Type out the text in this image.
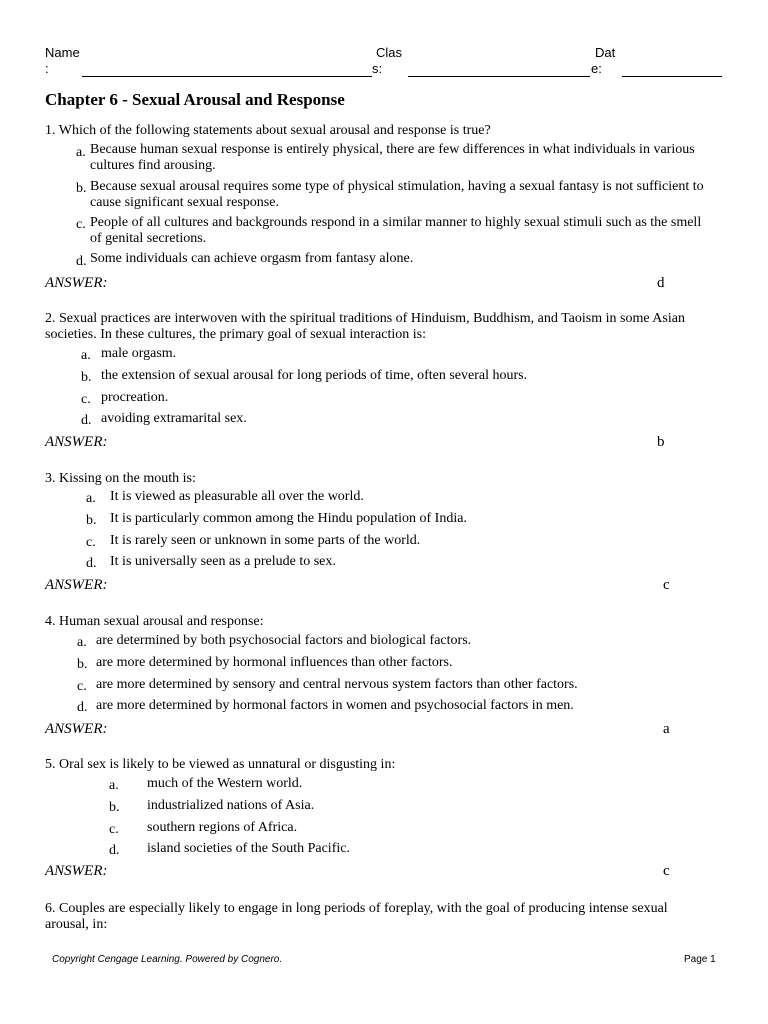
Name
:
Clas
s:
Dat
e:
Chapter 6 - Sexual Arousal and Response
1. Which of the following statements about sexual arousal and response is true?
a. Because human sexual response is entirely physical, there are few differences in what individuals in various cultures find arousing.
b. Because sexual arousal requires some type of physical stimulation, having a sexual fantasy is not sufficient to cause significant sexual response.
c. People of all cultures and backgrounds respond in a similar manner to highly sexual stimuli such as the smell of genital secretions.
d. Some individuals can achieve orgasm from fantasy alone.
ANSWER:	d
2. Sexual practices are interwoven with the spiritual traditions of Hinduism, Buddhism, and Taoism in some Asian societies. In these cultures, the primary goal of sexual interaction is:
a. male orgasm.
b. the extension of sexual arousal for long periods of time, often several hours.
c. procreation.
d. avoiding extramarital sex.
ANSWER:	b
3. Kissing on the mouth is:
a. It is viewed as pleasurable all over the world.
b. It is particularly common among the Hindu population of India.
c. It is rarely seen or unknown in some parts of the world.
d. It is universally seen as a prelude to sex.
ANSWER:	c
4. Human sexual arousal and response:
a. are determined by both psychosocial factors and biological factors.
b. are more determined by hormonal influences than other factors.
c. are more determined by sensory and central nervous system factors than other factors.
d. are more determined by hormonal factors in women and psychosocial factors in men.
ANSWER:	a
5. Oral sex is likely to be viewed as unnatural or disgusting in:
a. much of the Western world.
b. industrialized nations of Asia.
c. southern regions of Africa.
d. island societies of the South Pacific.
ANSWER:	c
6. Couples are especially likely to engage in long periods of foreplay, with the goal of producing intense sexual arousal, in:
Copyright Cengage Learning. Powered by Cognero.	Page 1
